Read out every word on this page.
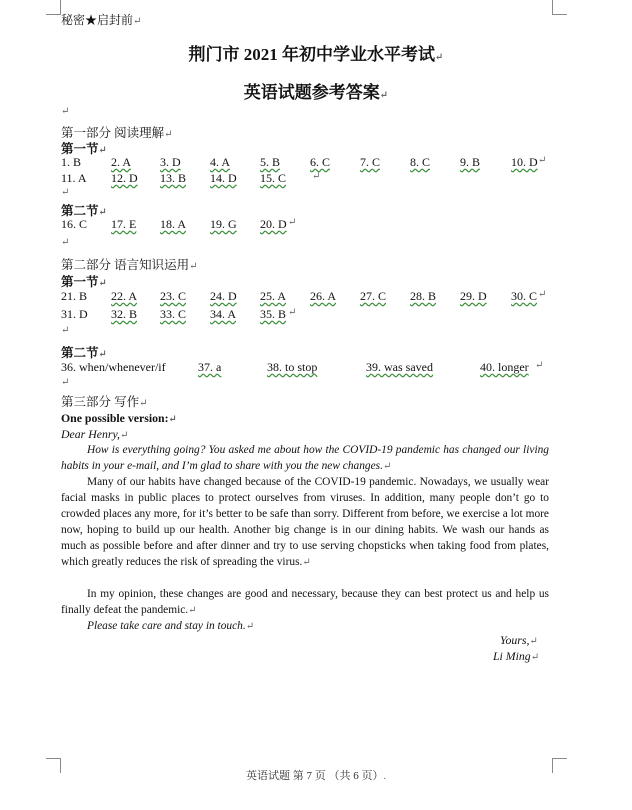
秘密★启封前↵
荆门市 2021 年初中学业水平考试↵
英语试题参考答案↵
↵
第一部分 阅读理解↵
第一节↵
1. B 2. A 3. D 4. A 5. B 6. C 7. C 8. C 9. B	10. D ↵
11. A 12. D 13. B 14. D 15. C	↵
↵
第二节↵
16. C 17. E 18. A 19. G 20. D ↵
↵
第二部分 语言知识运用↵
第一节↵
21. B 22. A 23. C 24. D 25. A 26. A 27. C 28. B 29. D 30. C ↵
31. D 32. B 33. C 34. A 35. B ↵
↵
第二节↵
36. when/whenever/if	37. a	38. to stop	39. was saved	40. longer ↵
↵
第三部分 写作↵
One possible version:↵
Dear Henry,↵
How is everything going? You asked me about how the COVID-19 pandemic has changed our living habits in your e-mail, and I’m glad to share with you the new changes.↵
Many of our habits have changed because of the COVID-19 pandemic. Nowadays, we usually wear facial masks in public places to protect ourselves from viruses. In addition, many people don’t go to crowded places any more, for it’s better to be safe than sorry. Different from before, we exercise a lot more now, hoping to build up our health. Another big change is in our dining habits. We wash our hands as much as possible before and after dinner and try to use serving chopsticks when taking food from plates, which greatly reduces the risk of spreading the virus.↵
In my opinion, these changes are good and necessary, because they can best protect us and help us finally defeat the pandemic.↵
Please take care and stay in touch.↵
Yours,↵
Li Ming↵
英语试题 第 7 页 （共 6 页）.
